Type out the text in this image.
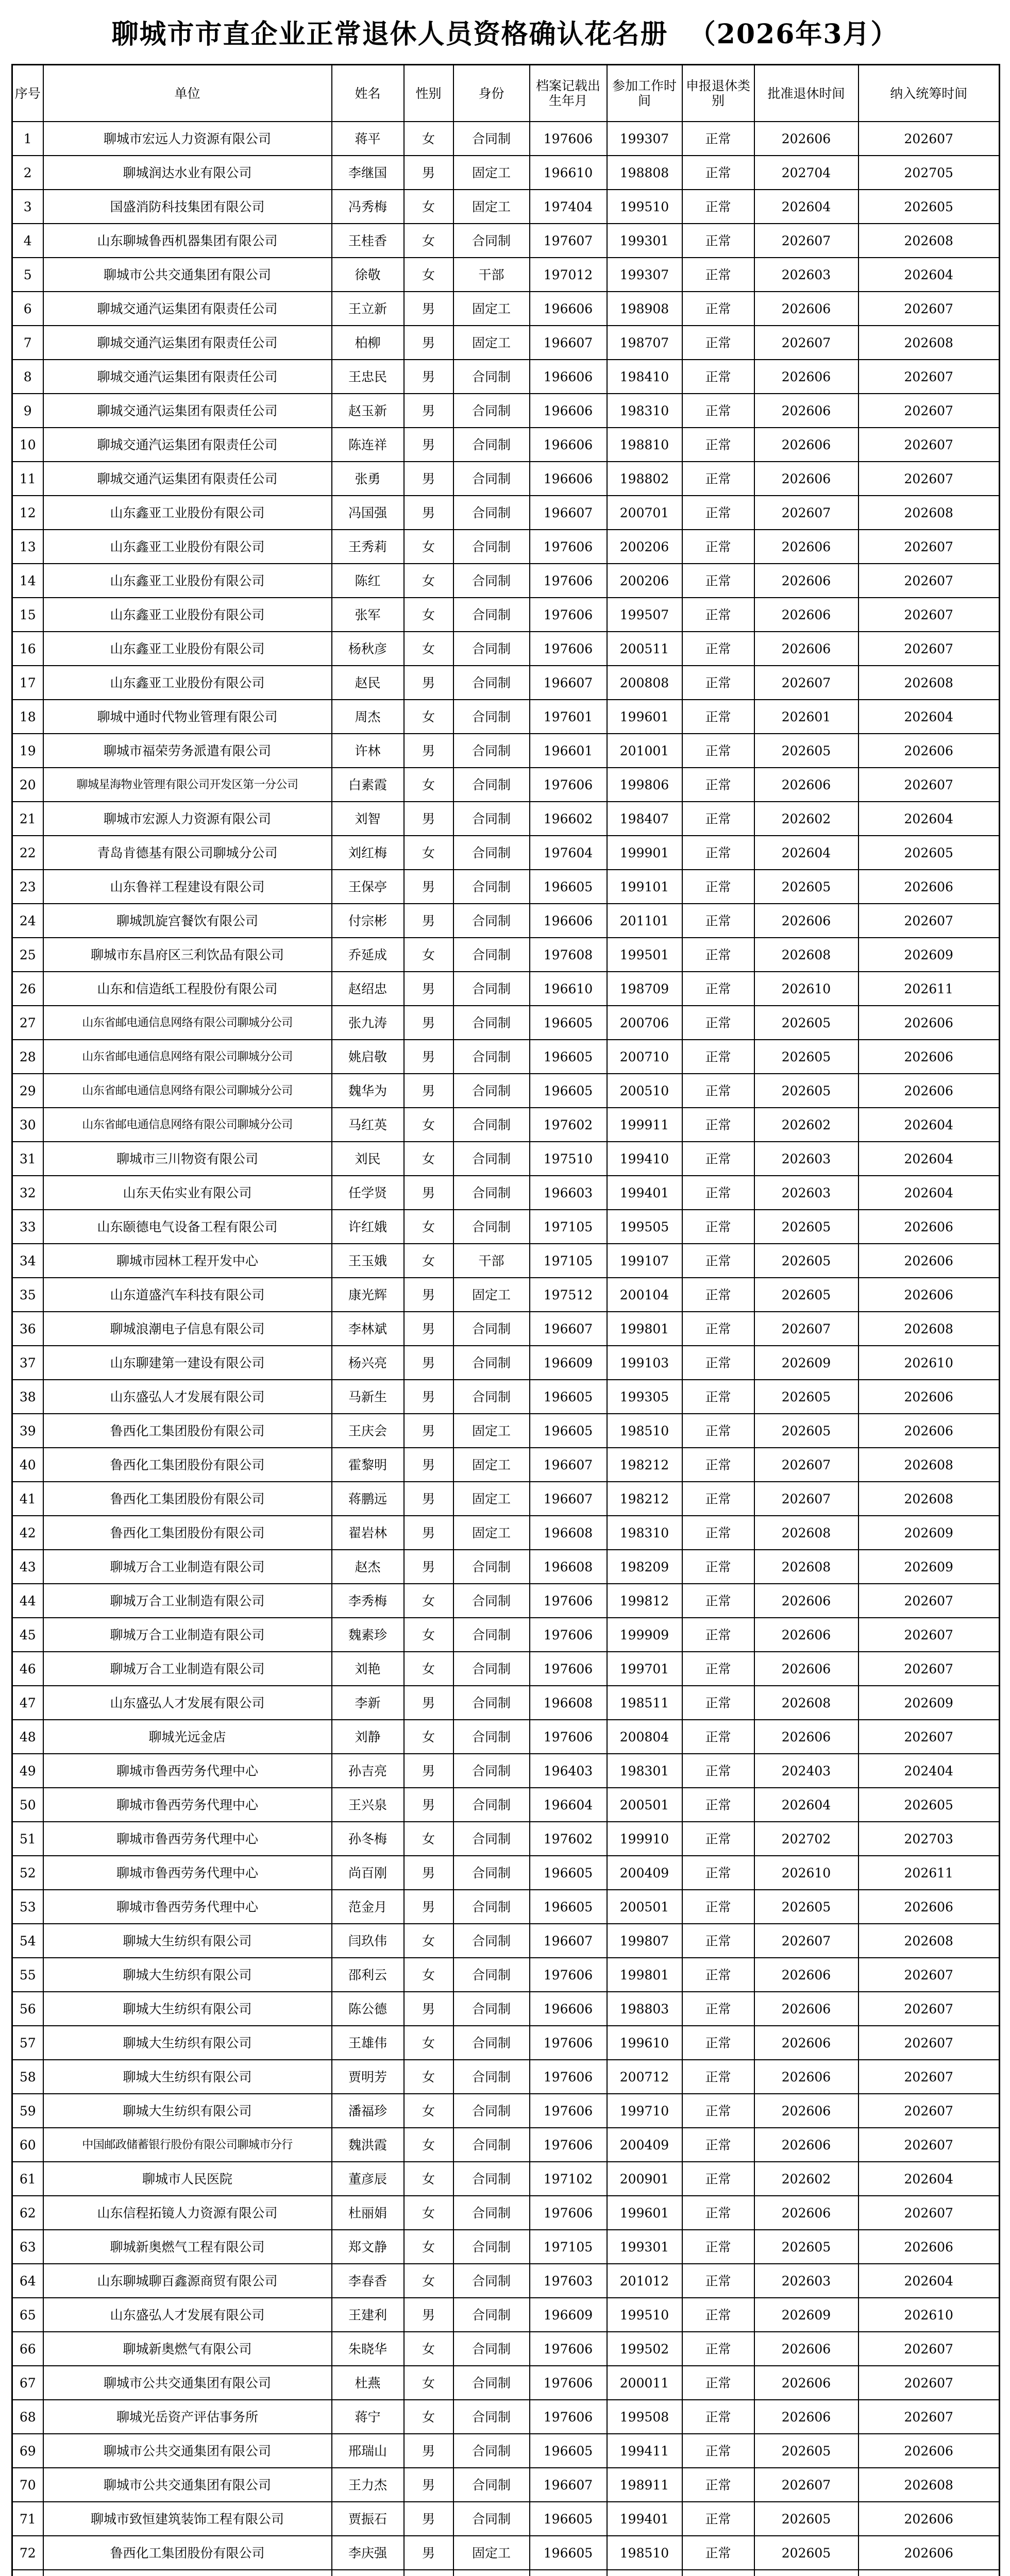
聊城市市直企业正常退休人员资格确认花名册  （2026年3月）
序号	单位	姓名	性别	身份	档案记载出生年月	参加工作时间	申报退休类别	批准退休时间	纳入统筹时间
1	聊城市宏远人力资源有限公司	蒋平	女	合同制	197606	199307	正常	202606	202607
2	聊城润达水业有限公司	李继国	男	固定工	196610	198808	正常	202704	202705
3	国盛消防科技集团有限公司	冯秀梅	女	固定工	197404	199510	正常	202604	202605
4	山东聊城鲁西机器集团有限公司	王桂香	女	合同制	197607	199301	正常	202607	202608
5	聊城市公共交通集团有限公司	徐敬	女	干部	197012	199307	正常	202603	202604
6	聊城交通汽运集团有限责任公司	王立新	男	固定工	196606	198908	正常	202606	202607
7	聊城交通汽运集团有限责任公司	柏柳	男	固定工	196607	198707	正常	202607	202608
8	聊城交通汽运集团有限责任公司	王忠民	男	合同制	196606	198410	正常	202606	202607
9	聊城交通汽运集团有限责任公司	赵玉新	男	合同制	196606	198310	正常	202606	202607
10	聊城交通汽运集团有限责任公司	陈连祥	男	合同制	196606	198810	正常	202606	202607
11	聊城交通汽运集团有限责任公司	张勇	男	合同制	196606	198802	正常	202606	202607
12	山东鑫亚工业股份有限公司	冯国强	男	合同制	196607	200701	正常	202607	202608
13	山东鑫亚工业股份有限公司	王秀莉	女	合同制	197606	200206	正常	202606	202607
14	山东鑫亚工业股份有限公司	陈红	女	合同制	197606	200206	正常	202606	202607
15	山东鑫亚工业股份有限公司	张军	女	合同制	197606	199507	正常	202606	202607
16	山东鑫亚工业股份有限公司	杨秋彦	女	合同制	197606	200511	正常	202606	202607
17	山东鑫亚工业股份有限公司	赵民	男	合同制	196607	200808	正常	202607	202608
18	聊城中通时代物业管理有限公司	周杰	女	合同制	197601	199601	正常	202601	202604
19	聊城市福荣劳务派遣有限公司	许林	男	合同制	196601	201001	正常	202605	202606
20	聊城星海物业管理有限公司开发区第一分公司	白素霞	女	合同制	197606	199806	正常	202606	202607
21	聊城市宏源人力资源有限公司	刘智	男	合同制	196602	198407	正常	202602	202604
22	青岛肯德基有限公司聊城分公司	刘红梅	女	合同制	197604	199901	正常	202604	202605
23	山东鲁祥工程建设有限公司	王保亭	男	合同制	196605	199101	正常	202605	202606
24	聊城凯旋宫餐饮有限公司	付宗彬	男	合同制	196606	201101	正常	202606	202607
25	聊城市东昌府区三利饮品有限公司	乔延成	女	合同制	197608	199501	正常	202608	202609
26	山东和信造纸工程股份有限公司	赵绍忠	男	合同制	196610	198709	正常	202610	202611
27	山东省邮电通信息网络有限公司聊城分公司	张九涛	男	合同制	196605	200706	正常	202605	202606
28	山东省邮电通信息网络有限公司聊城分公司	姚启敬	男	合同制	196605	200710	正常	202605	202606
29	山东省邮电通信息网络有限公司聊城分公司	魏华为	男	合同制	196605	200510	正常	202605	202606
30	山东省邮电通信息网络有限公司聊城分公司	马红英	女	合同制	197602	199911	正常	202602	202604
31	聊城市三川物资有限公司	刘民	女	合同制	197510	199410	正常	202603	202604
32	山东天佑实业有限公司	任学贤	男	合同制	196603	199401	正常	202603	202604
33	山东颐德电气设备工程有限公司	许红娥	女	合同制	197105	199505	正常	202605	202606
34	聊城市园林工程开发中心	王玉娥	女	干部	197105	199107	正常	202605	202606
35	山东道盛汽车科技有限公司	康光辉	男	固定工	197512	200104	正常	202605	202606
36	聊城浪潮电子信息有限公司	李林斌	男	合同制	196607	199801	正常	202607	202608
37	山东聊建第一建设有限公司	杨兴亮	男	合同制	196609	199103	正常	202609	202610
38	山东盛弘人才发展有限公司	马新生	男	合同制	196605	199305	正常	202605	202606
39	鲁西化工集团股份有限公司	王庆会	男	固定工	196605	198510	正常	202605	202606
40	鲁西化工集团股份有限公司	霍黎明	男	固定工	196607	198212	正常	202607	202608
41	鲁西化工集团股份有限公司	蒋鹏远	男	固定工	196607	198212	正常	202607	202608
42	鲁西化工集团股份有限公司	翟岩林	男	固定工	196608	198310	正常	202608	202609
43	聊城万合工业制造有限公司	赵杰	男	合同制	196608	198209	正常	202608	202609
44	聊城万合工业制造有限公司	李秀梅	女	合同制	197606	199812	正常	202606	202607
45	聊城万合工业制造有限公司	魏素珍	女	合同制	197606	199909	正常	202606	202607
46	聊城万合工业制造有限公司	刘艳	女	合同制	197606	199701	正常	202606	202607
47	山东盛弘人才发展有限公司	李新	男	合同制	196608	198511	正常	202608	202609
48	聊城光远金店	刘静	女	合同制	197606	200804	正常	202606	202607
49	聊城市鲁西劳务代理中心	孙吉亮	男	合同制	196403	198301	正常	202403	202404
50	聊城市鲁西劳务代理中心	王兴泉	男	合同制	196604	200501	正常	202604	202605
51	聊城市鲁西劳务代理中心	孙冬梅	女	合同制	197602	199910	正常	202702	202703
52	聊城市鲁西劳务代理中心	尚百刚	男	合同制	196605	200409	正常	202610	202611
53	聊城市鲁西劳务代理中心	范金月	男	合同制	196605	200501	正常	202605	202606
54	聊城大生纺织有限公司	闫玖伟	女	合同制	196607	199807	正常	202607	202608
55	聊城大生纺织有限公司	邵利云	女	合同制	197606	199801	正常	202606	202607
56	聊城大生纺织有限公司	陈公德	男	合同制	196606	198803	正常	202606	202607
57	聊城大生纺织有限公司	王雄伟	女	合同制	197606	199610	正常	202606	202607
58	聊城大生纺织有限公司	贾明芳	女	合同制	197606	200712	正常	202606	202607
59	聊城大生纺织有限公司	潘福珍	女	合同制	197606	199710	正常	202606	202607
60	中国邮政储蓄银行股份有限公司聊城市分行	魏洪霞	女	合同制	197606	200409	正常	202606	202607
61	聊城市人民医院	董彦辰	女	合同制	197102	200901	正常	202602	202604
62	山东信程拓镜人力资源有限公司	杜丽娟	女	合同制	197606	199601	正常	202606	202607
63	聊城新奥燃气工程有限公司	郑文静	女	合同制	197105	199301	正常	202605	202606
64	山东聊城聊百鑫源商贸有限公司	李春香	女	合同制	197603	201012	正常	202603	202604
65	山东盛弘人才发展有限公司	王建利	男	合同制	196609	199510	正常	202609	202610
66	聊城新奥燃气有限公司	朱晓华	女	合同制	197606	199502	正常	202606	202607
67	聊城市公共交通集团有限公司	杜燕	女	合同制	197606	200011	正常	202606	202607
68	聊城光岳资产评估事务所	蒋宁	女	合同制	197606	199508	正常	202606	202607
69	聊城市公共交通集团有限公司	邢瑞山	男	合同制	196605	199411	正常	202605	202606
70	聊城市公共交通集团有限公司	王力杰	男	合同制	196607	198911	正常	202607	202608
71	聊城市致恒建筑装饰工程有限公司	贾振石	男	合同制	196605	199401	正常	202605	202606
72	鲁西化工集团股份有限公司	李庆强	男	固定工	196605	198510	正常	202605	202606
